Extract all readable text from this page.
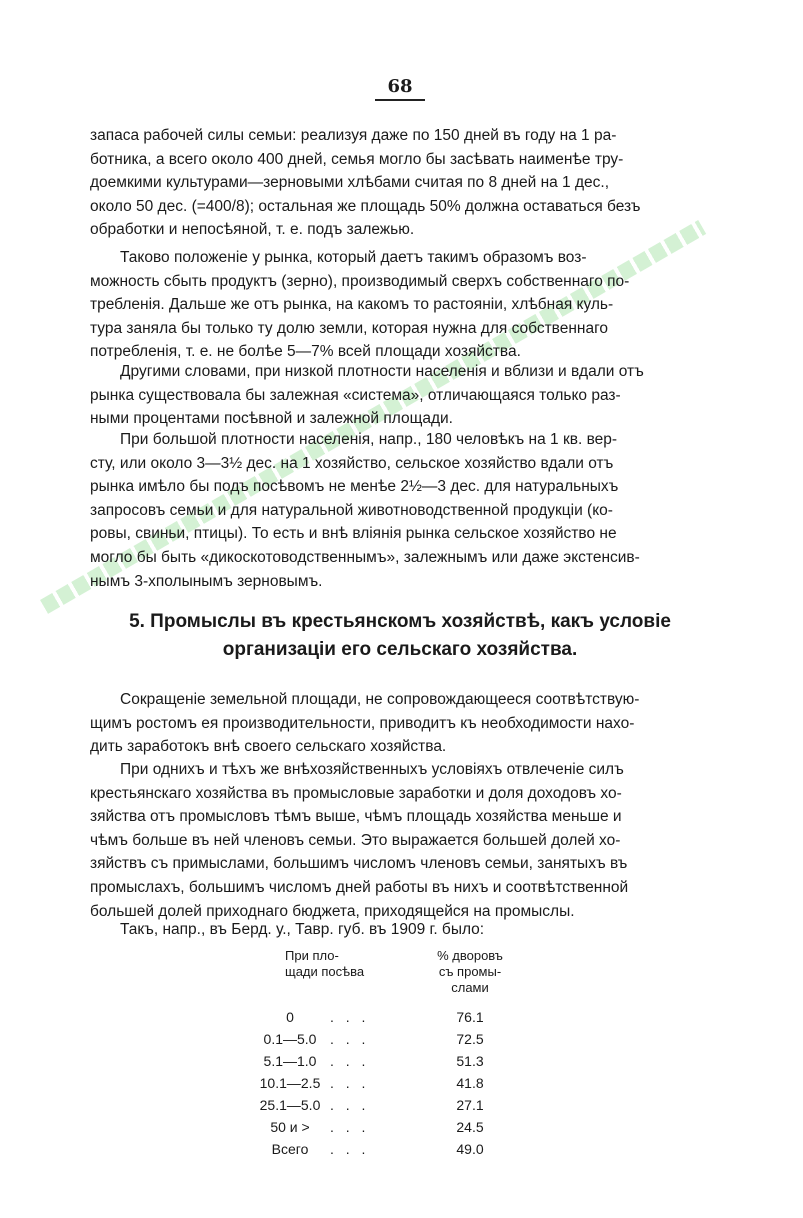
68
запаса рабочей силы семьи: реализуя даже по 150 дней въ году на 1 ра-
ботника, а всего около 400 дней, семья могло бы засѣвать наименѣе тру-
доемкими культурами—зерновыми хлѣбами считая по 8 дней на 1 дес.,
около 50 дес. (=400/8); остальная же площадь 50% должна оставаться безъ
обработки и непосѣяной, т. е. подъ залежью.
Таково положеніе у рынка, который даетъ такимъ образомъ воз-
можность сбыть продуктъ (зерно), производимый сверхъ собственнаго по-
требленія. Дальше же отъ рынка, на какомъ то растояніи, хлѣбная куль-
тура заняла бы только ту долю земли, которая нужна для собственнаго
потребленія, т. е. не болѣе 5—7% всей площади хозяйства.
Другими словами, при низкой плотности населенія и вблизи и вдали отъ
рынка существовала бы залежная «система», отличающаяся только раз-
ными процентами посѣвной и залежной площади.
При большой плотности населенія, напр., 180 человѣкъ на 1 кв. вер-
сту, или около 3—3½ дес. на 1 хозяйство, сельское хозяйство вдали отъ
рынка имѣло бы подъ посѣвомъ не менѣе 2½—3 дес. для натуральныхъ
запросовъ семьи и для натуральной животноводственной продукціи (ко-
ровы, свиньи, птицы). То есть и внѣ вліянія рынка сельское хозяйство не
могло бы быть «дикоскотоводственнымъ», залежнымъ или даже экстенсив-
нымъ 3-хполынымъ зерновымъ.
5. Промыслы въ крестьянскомъ хозяйствѣ, какъ условіе
организаціи его сельскаго хозяйства.
Сокращеніе земельной площади, не сопровождающееся соотвѣтствую-
щимъ ростомъ ея производительности, приводитъ къ необходимости нахо-
дить заработокъ внѣ своего сельскаго хозяйства.
При однихъ и тѣхъ же внѣхозяйственныхъ условіяхъ отвлеченіе силъ
крестьянскаго хозяйства въ промысловые заработки и доля доходовъ хо-
зяйства отъ промысловъ тѣмъ выше, чѣмъ площадь хозяйства меньше и
чѣмъ больше въ ней членовъ семьи. Это выражается большей долей хо-
зяйствъ съ примыслами, большимъ числомъ членовъ семьи, занятыхъ въ
промыслахъ, большимъ числомъ дней работы въ нихъ и соотвѣтственной
большей долей приходнаго бюджета, приходящейся на промыслы.
Такъ, напр., въ Берд. у., Тавр. губ. въ 1909 г. было:
При пло-
щади посѣва	% дворовъ
съ промы-
слами
0 . . .	76.1
0.1—5.0 . . .	72.5
5.1—1.0 . . .	51.3
10.1—2.5 . . .	41.8
25.1—5.0 . . .	27.1
50 и > . . .	24.5
Всего . . .	49.0
